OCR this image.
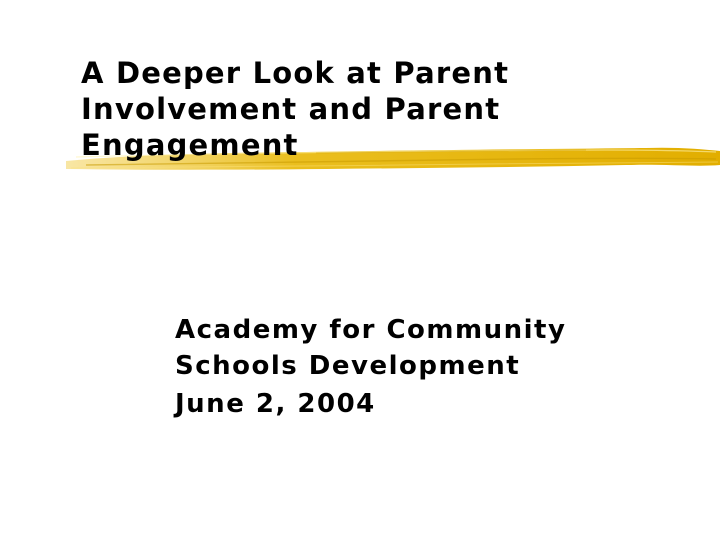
A Deeper Look at Parent
Involvement and Parent
Engagement
Academy for Community
Schools Development
June 2, 2004
